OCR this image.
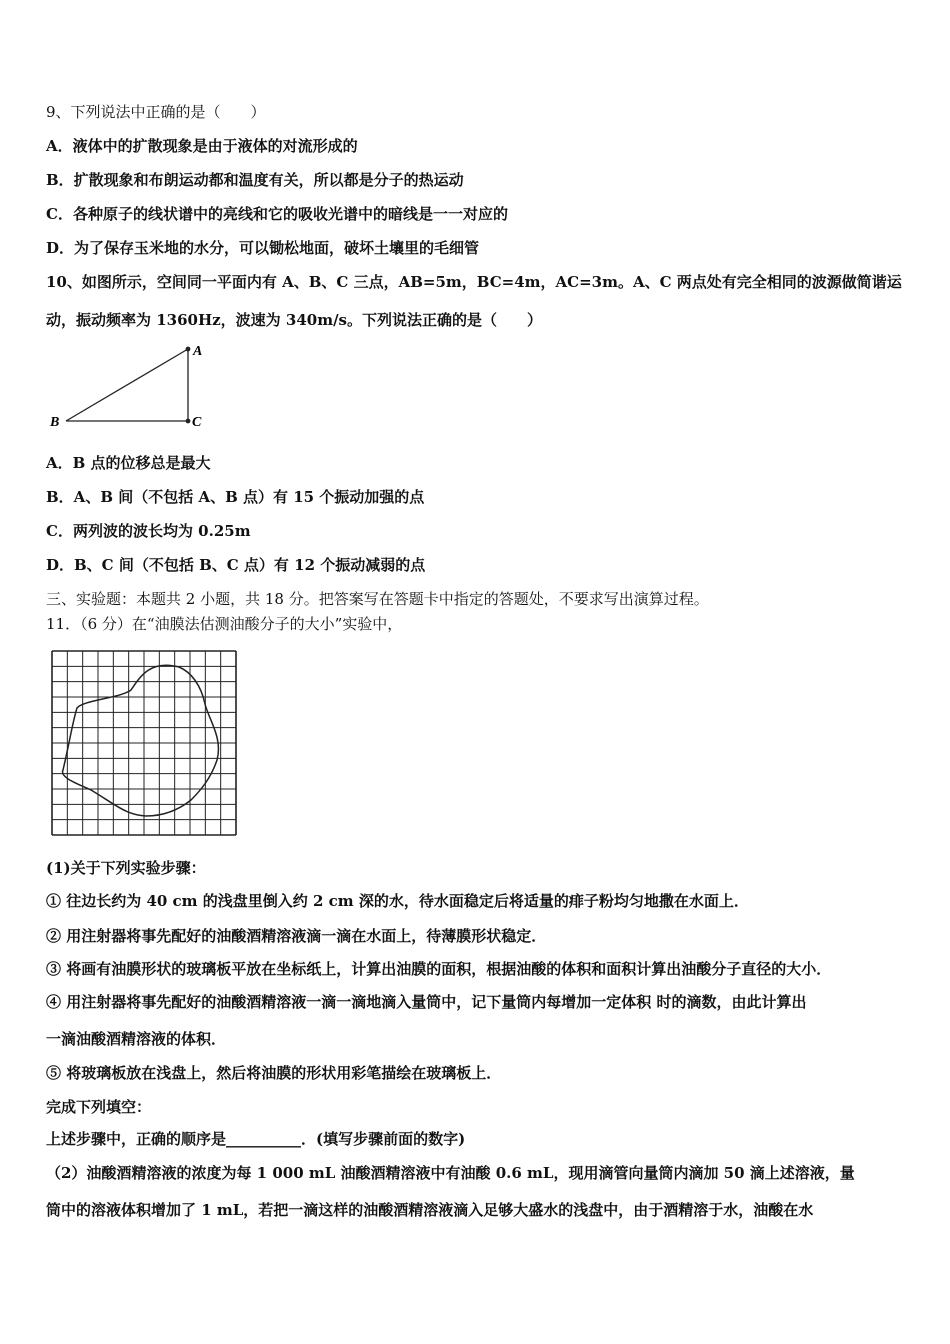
9、下列说法中正确的是（　　）
A．液体中的扩散现象是由于液体的对流形成的
B．扩散现象和布朗运动都和温度有关，所以都是分子的热运动
C．各种原子的线状谱中的亮线和它的吸收光谱中的暗线是一一对应的
D．为了保存玉米地的水分，可以锄松地面，破坏土壤里的毛细管
10、如图所示，空间同一平面内有 A、B、C 三点，AB=5m，BC=4m，AC=3m。A、C 两点处有完全相同的波源做简谐运
动，振动频率为 1360Hz，波速为 340m/s。下列说法正确的是（　　）
A
B	C
A．B 点的位移总是最大
B．A、B 间（不包括 A、B 点）有 15 个振动加强的点
C．两列波的波长均为 0.25m
D．B、C 间（不包括 B、C 点）有 12 个振动减弱的点
三、实验题：本题共 2 小题，共 18 分。把答案写在答题卡中指定的答题处，不要求写出演算过程。
11．（6 分）在“油膜法估测油酸分子的大小”实验中，
(1)关于下列实验步骤：
① 往边长约为 40 cm 的浅盘里倒入约 2 cm 深的水，待水面稳定后将适量的痱子粉均匀地撒在水面上．
② 用注射器将事先配好的油酸酒精溶液滴一滴在水面上，待薄膜形状稳定．
③ 将画有油膜形状的玻璃板平放在坐标纸上，计算出油膜的面积，根据油酸的体积和面积计算出油酸分子直径的大小．
④ 用注射器将事先配好的油酸酒精溶液一滴一滴地滴入量筒中，记下量筒内每增加一定体积 时的滴数，由此计算出
一滴油酸酒精溶液的体积．
⑤ 将玻璃板放在浅盘上，然后将油膜的形状用彩笔描绘在玻璃板上．
完成下列填空：
上述步骤中，正确的顺序是__________．(填写步骤前面的数字)
（2）油酸酒精溶液的浓度为每 1 000 mL 油酸酒精溶液中有油酸 0.6 mL，现用滴管向量筒内滴加 50 滴上述溶液，量
筒中的溶液体积增加了 1 mL，若把一滴这样的油酸酒精溶液滴入足够大盛水的浅盘中，由于酒精溶于水，油酸在水
